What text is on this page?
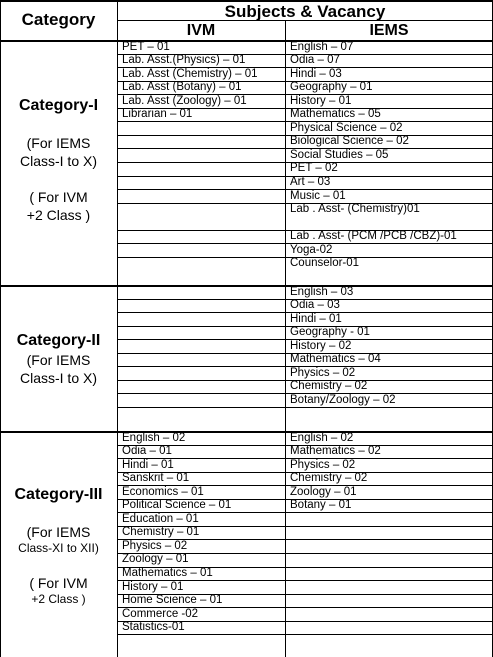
Category	Subjects & Vacancy
IVM	IEMS
Category-I
(For IEMS
Class-I to X)
( For IVM
+2 Class )
Category-II
(For IEMS
Class-I to X)
Category-III
(For IEMS
Class-XI to XII)
( For IVM
+2 Class )
PET – 01
Lab. Asst.(Physics) – 01
Lab. Asst (Chemistry) – 01
Lab. Asst (Botany) – 01
Lab. Asst (Zoology) – 01
Librarian – 01
English – 07
Odia – 07
Hindi – 03
Geography – 01
History – 01
Mathematics – 05
Physical Science – 02
Biological Science – 02
Social Studies – 05
PET – 02
Art – 03
Music – 01
Lab . Asst- (Chemistry)01
Lab . Asst- (PCM /PCB /CBZ)-01
Yoga-02
Counselor-01
English – 03
Odia – 03
Hindi – 01
Geography - 01
History – 02
Mathematics – 04
Physics – 02
Chemistry – 02
Botany/Zoology – 02
English – 02
Odia – 01
Hindi – 01
Sanskrit – 01
Economics – 01
Political Science – 01
Education – 01
Chemistry – 01
Physics – 02
Zoology – 01
Mathematics – 01
History – 01
Home Science – 01
Commerce -02
Statistics-01
English – 02
Mathematics – 02
Physics – 02
Chemistry – 02
Zoology – 01
Botany – 01
